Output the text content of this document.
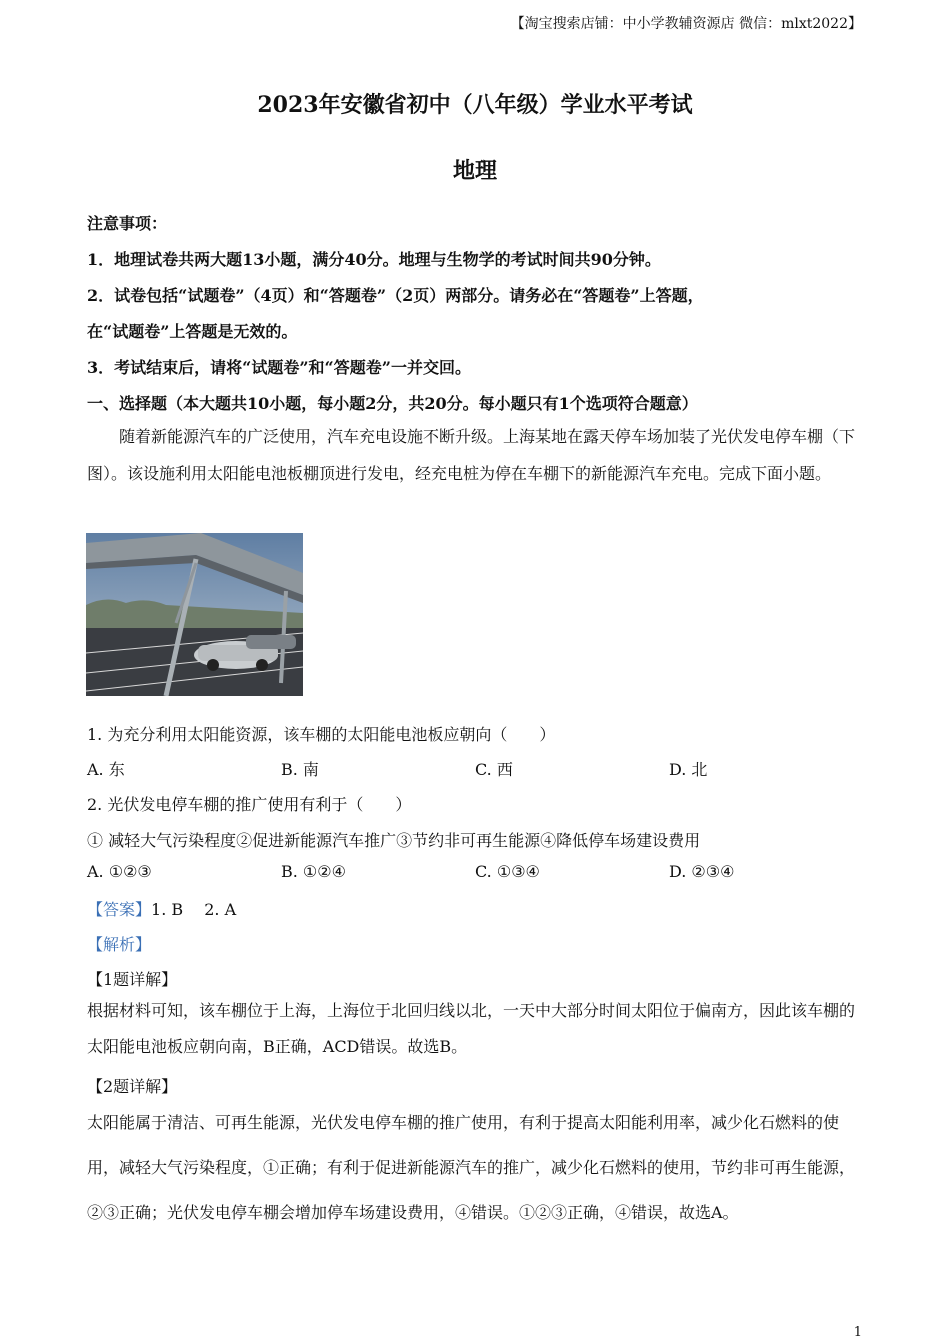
【淘宝搜索店铺：中小学教辅资源店 微信：mlxt2022】
2023年安徽省初中（八年级）学业水平考试
地理
注意事项：
1．地理试卷共两大题13小题，满分40分。地理与生物学的考试时间共90分钟。
2．试卷包括“试题卷”（4页）和“答题卷”（2页）两部分。请务必在“答题卷”上答题，
在“试题卷”上答题是无效的。
3．考试结束后，请将“试题卷”和“答题卷”一并交回。
一、选择题（本大题共10小题，每小题2分，共20分。每小题只有1个选项符合题意）
随着新能源汽车的广泛使用，汽车充电设施不断升级。上海某地在露天停车场加装了光伏发电停车棚（下图）。该设施利用太阳能电池板棚顶进行发电，经充电桩为停在车棚下的新能源汽车充电。完成下面小题。
1. 为充分利用太阳能资源，该车棚的太阳能电池板应朝向（　　）
A. 东	B. 南	C. 西	D. 北
2. 光伏发电停车棚的推广使用有利于（　　）
① 减轻大气污染程度②促进新能源汽车推广③节约非可再生能源④降低停车场建设费用
A. ①②③	B. ①②④	C. ①③④	D. ②③④
【答案】1. B　 2. A
【解析】
【1题详解】
根据材料可知，该车棚位于上海，上海位于北回归线以北，一天中大部分时间太阳位于偏南方，因此该车棚的太阳能电池板应朝向南，B正确，ACD错误。故选B。
【2题详解】
太阳能属于清洁、可再生能源，光伏发电停车棚的推广使用，有利于提高太阳能利用率，减少化石燃料的使用，减轻大气污染程度，①正确；有利于促进新能源汽车的推广，减少化石燃料的使用，节约非可再生能源，②③正确；光伏发电停车棚会增加停车场建设费用，④错误。①②③正确，④错误，故选A。
1
